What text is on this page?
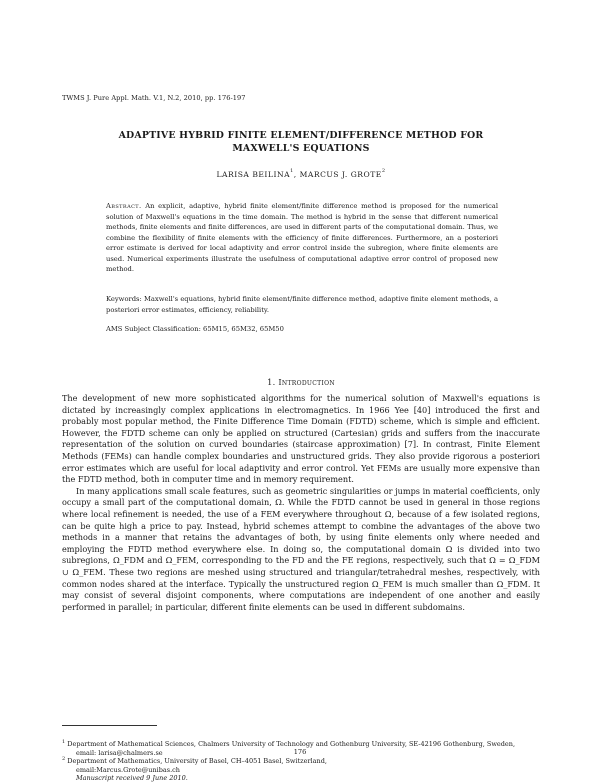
TWMS J. Pure Appl. Math. V.1, N.2, 2010, pp. 176-197
ADAPTIVE HYBRID FINITE ELEMENT/DIFFERENCE METHOD FOR
MAXWELL'S EQUATIONS
LARISA BEILINA$^1$, MARCUS J. GROTE$^2$
Abstract. An explicit, adaptive, hybrid finite element/finite difference method is proposed for the numerical solution of Maxwell's equations in the time domain. The method is hybrid in the sense that different numerical methods, finite elements and finite differences, are used in different parts of the computational domain. Thus, we combine the flexibility of finite elements with the efficiency of finite differences. Furthermore, an a posteriori error estimate is derived for local adaptivity and error control inside the subregion, where finite elements are used. Numerical experiments illustrate the usefulness of computational adaptive error control of proposed new method.
Keywords: Maxwell's equations, hybrid finite element/finite difference method, adaptive finite element methods, a posteriori error estimates, efficiency, reliability.
AMS Subject Classification: 65M15, 65M32, 65M50
1. Introduction

The development of new more sophisticated algorithms for the numerical solution of Maxwell's equations is dictated by increasingly complex applications in electromagnetics. In 1966 Yee [40] introduced the first and probably most popular method, the Finite Difference Time Domain (FDTD) scheme, which is simple and efficient. However, the FDTD scheme can only be applied on structured (Cartesian) grids and suffers from the inaccurate representation of the solution on curved boundaries (staircase approximation) [7]. In contrast, Finite Element Methods (FEMs) can handle complex boundaries and unstructured grids. They also provide rigorous a posteriori error estimates which are useful for local adaptivity and error control. Yet FEMs are usually more expensive than the FDTD method, both in computer time and in memory requirement.

In many applications small scale features, such as geometric singularities or jumps in material coefficients, only occupy a small part of the computational domain, Ω. While the FDTD cannot be used in general in those regions where local refinement is needed, the use of a FEM everywhere throughout Ω, because of a few isolated regions, can be quite high a price to pay. Instead, hybrid schemes attempt to combine the advantages of the above two methods in a manner that retains the advantages of both, by using finite elements only where needed and employing the FDTD method everywhere else. In doing so, the computational domain Ω is divided into two subregions, Ω_FDM and Ω_FEM, corresponding to the FD and the FE regions, respectively, such that Ω = Ω_FDM ∪ Ω_FEM. These two regions are meshed using structured and triangular/tetrahedral meshes, respectively, with common nodes shared at the interface. Typically the unstructured region Ω_FEM is much smaller than Ω_FDM. It may consist of several disjoint components, where computations are independent of one another and easily performed in parallel; in particular, different finite elements can be used in different subdomains.

$^1$ Department of Mathematical Sciences, Chalmers University of Technology and Gothenburg University, SE-42196 Gothenburg, Sweden,
email: larisa@chalmers.se
$^2$ Department of Mathematics, University of Basel, CH–4051 Basel, Switzerland,
email:Marcus.Grote@unibas.ch
Manuscript received 9 June 2010.
176
